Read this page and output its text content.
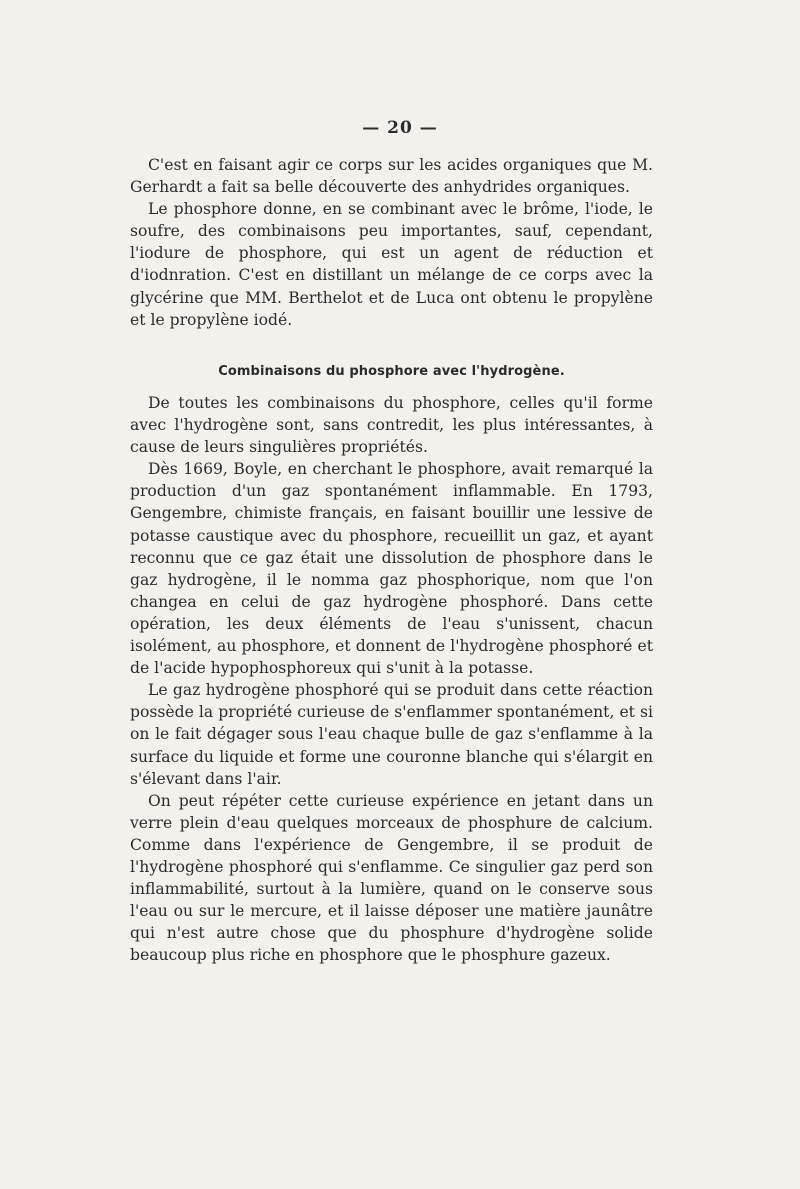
— 20 —

C'est en faisant agir ce corps sur les acides organiques que M. Gerhardt a fait sa belle découverte des anhydrides organiques.

Le phosphore donne, en se combinant avec le brôme, l'iode, le soufre, des combinaisons peu importantes, sauf, cependant, l'iodure de phosphore, qui est un agent de réduction et d'iodnration. C'est en distillant un mélange de ce corps avec la glycérine que MM. Berthelot et de Luca ont obtenu le propylène et le propylène iodé.

Combinaisons du phosphore avec l'hydrogène.

De toutes les combinaisons du phosphore, celles qu'il forme avec l'hydrogène sont, sans contredit, les plus intéressantes, à cause de leurs singulières propriétés.

Dès 1669, Boyle, en cherchant le phosphore, avait remarqué la production d'un gaz spontanément inflammable. En 1793, Gengembre, chimiste français, en faisant bouillir une lessive de potasse caustique avec du phosphore, recueillit un gaz, et ayant reconnu que ce gaz était une dissolution de phosphore dans le gaz hydrogène, il le nomma gaz phosphorique, nom que l'on changea en celui de gaz hydrogène phosphoré. Dans cette opération, les deux éléments de l'eau s'unissent, chacun isolément, au phosphore, et donnent de l'hydrogène phosphoré et de l'acide hypophosphoreux qui s'unit à la potasse.

Le gaz hydrogène phosphoré qui se produit dans cette réaction possède la propriété curieuse de s'enflammer spontanément, et si on le fait dégager sous l'eau chaque bulle de gaz s'enflamme à la surface du liquide et forme une couronne blanche qui s'élargit en s'élevant dans l'air.

On peut répéter cette curieuse expérience en jetant dans un verre plein d'eau quelques morceaux de phosphure de calcium. Comme dans l'expérience de Gengembre, il se produit de l'hydrogène phosphoré qui s'enflamme. Ce singulier gaz perd son inflammabilité, surtout à la lumière, quand on le conserve sous l'eau ou sur le mercure, et il laisse déposer une matière jaunâtre qui n'est autre chose que du phosphure d'hydrogène solide beaucoup plus riche en phosphore que le phosphure gazeux.
